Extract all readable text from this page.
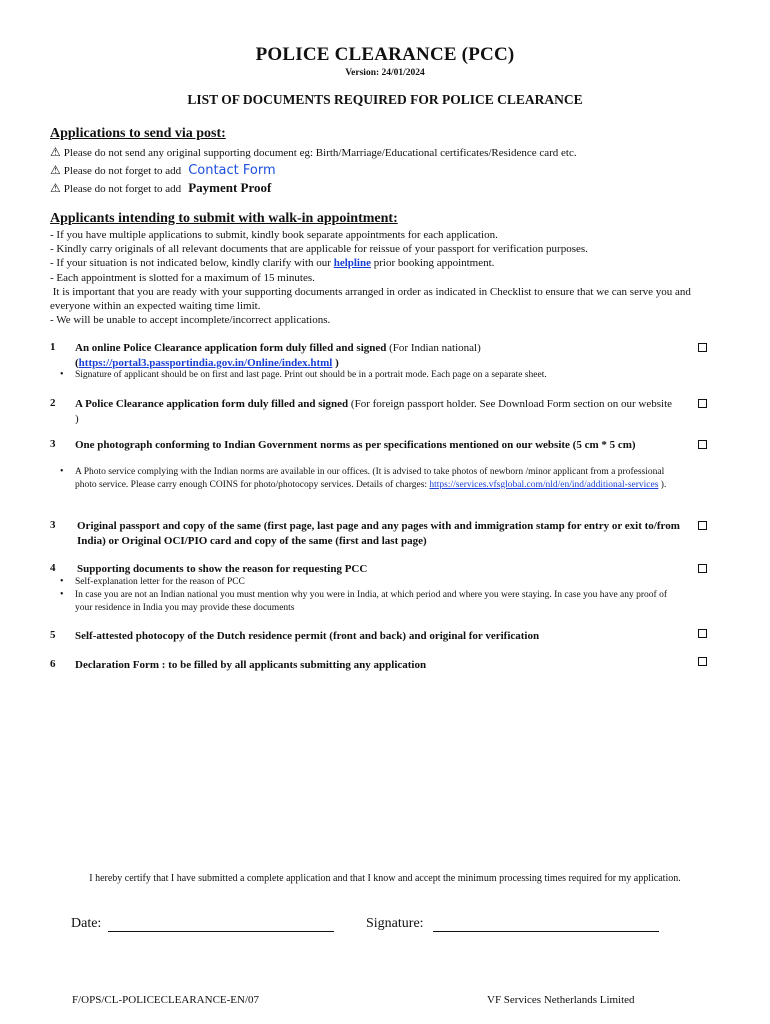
POLICE CLEARANCE (PCC)
Version: 24/01/2024
LIST OF DOCUMENTS REQUIRED FOR POLICE CLEARANCE
Applications to send via post:
⚠ Please do not send any original supporting document eg: Birth/Marriage/Educational certificates/Residence card etc.
⚠ Please do not forget to add Contact Form
⚠ Please do not forget to add Payment Proof
Applicants intending to submit with walk-in appointment:
- If you have multiple applications to submit, kindly book separate appointments for each application.
- Kindly carry originals of all relevant documents that are applicable for reissue of your passport for verification purposes.
- If your situation is not indicated below, kindly clarify with our helpline prior booking appointment.
- Each appointment is slotted for a maximum of 15 minutes.
It is important that you are ready with your supporting documents arranged in order as indicated in Checklist to ensure that we can serve you and everyone within an expected waiting time limit.
- We will be unable to accept incomplete/incorrect applications.
1 An online Police Clearance application form duly filled and signed (For Indian national)
(https://portal3.passportindia.gov.in/Online/index.html )
• Signature of applicant should be on first and last page. Print out should be in a portrait mode. Each page on a separate sheet.
2 A Police Clearance application form duly filled and signed (For foreign passport holder. See Download Form section on our website )
3 One photograph conforming to Indian Government norms as per specifications mentioned on our website (5 cm * 5 cm)
• A Photo service complying with the Indian norms are available in our offices. (It is advised to take photos of newborn /minor applicant from a professional photo service. Please carry enough COINS for photo/photocopy services. Details of charges: https://services.vfsglobal.com/nld/en/ind/additional-services ).
3 Original passport and copy of the same (first page, last page and any pages with and immigration stamp for entry or exit to/from India) or Original OCI/PIO card and copy of the same (first and last page)
4 Supporting documents to show the reason for requesting PCC
• Self-explanation letter for the reason of PCC
• In case you are not an Indian national you must mention why you were in India, at which period and where you were staying. In case you have any proof of your residence in India you may provide these documents
5 Self-attested photocopy of the Dutch residence permit (front and back) and original for verification
6 Declaration Form : to be filled by all applicants submitting any application
I hereby certify that I have submitted a complete application and that I know and accept the minimum processing times required for my application.
Date:	Signature:
F/OPS/CL-POLICECLEARANCE-EN/07	VF Services Netherlands Limited
